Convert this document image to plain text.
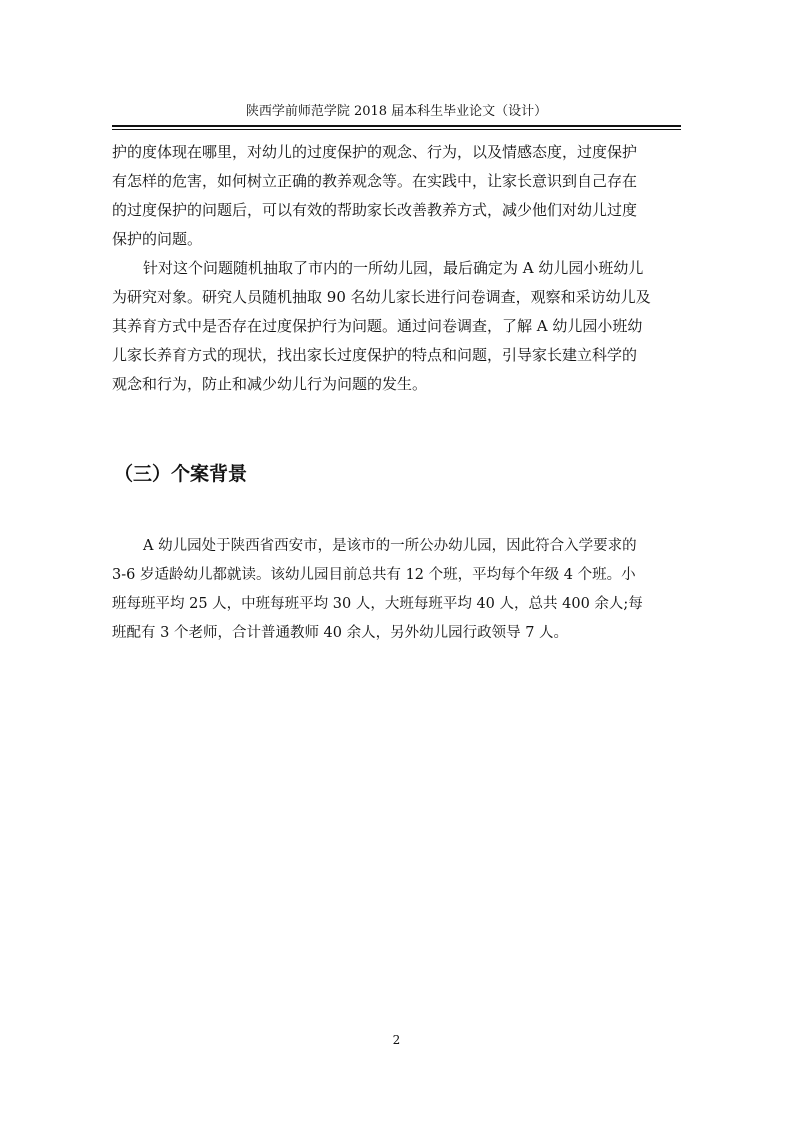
陕西学前师范学院 2018 届本科生毕业论文（设计）

护的度体现在哪里，对幼儿的过度保护的观念、行为，以及情感态度，过度保护
有怎样的危害，如何树立正确的教养观念等。在实践中，让家长意识到自己存在
的过度保护的问题后，可以有效的帮助家长改善教养方式，减少他们对幼儿过度
保护的问题。

针对这个问题随机抽取了市内的一所幼儿园，最后确定为 A 幼儿园小班幼儿
为研究对象。研究人员随机抽取 90 名幼儿家长进行问卷调查，观察和采访幼儿及
其养育方式中是否存在过度保护行为问题。通过问卷调查，了解 A 幼儿园小班幼
儿家长养育方式的现状，找出家长过度保护的特点和问题，引导家长建立科学的
观念和行为，防止和减少幼儿行为问题的发生。

（三）个案背景

A 幼儿园处于陕西省西安市，是该市的一所公办幼儿园，因此符合入学要求的
3-6 岁适龄幼儿都就读。该幼儿园目前总共有 12 个班，平均每个年级 4 个班。小
班每班平均 25 人，中班每班平均 30 人，大班每班平均 40 人，总共 400 余人;每
班配有 3 个老师，合计普通教师 40 余人，另外幼儿园行政领导 7 人。

2
